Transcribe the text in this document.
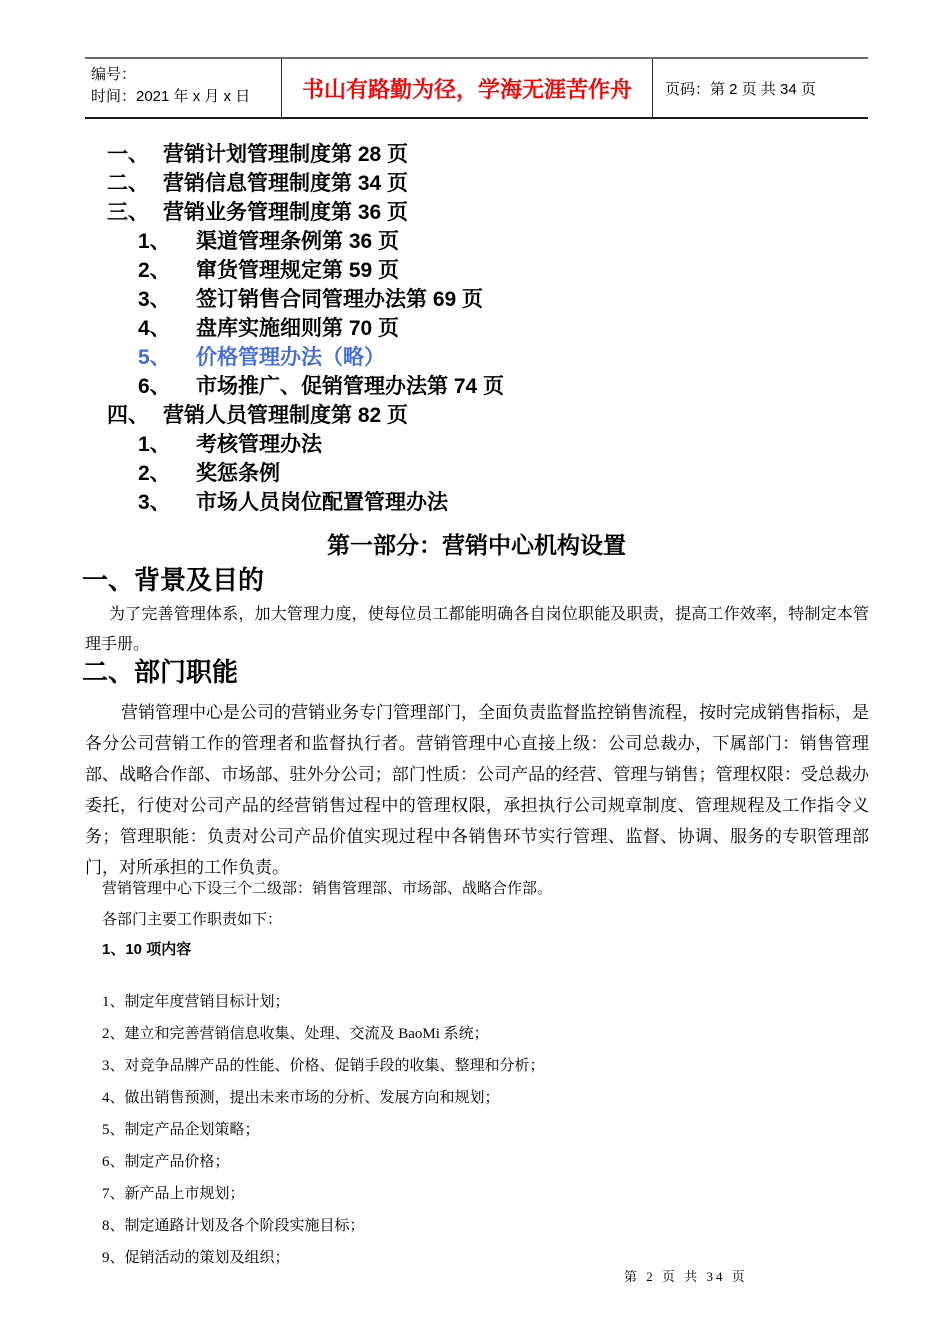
编号：
时间：2021 年 x 月 x 日	书山有路勤为径，学海无涯苦作舟 页码：第 2 页 共 34 页
一、 营销计划管理制度第 28 页
二、 营销信息管理制度第 34 页
三、 营销业务管理制度第 36 页
1、	渠道管理条例第 36 页
2、	窜货管理规定第 59 页
3、	签订销售合同管理办法第 69 页
4、	盘库实施细则第 70 页
5、	价格管理办法（略）
6、	市场推广、促销管理办法第 74 页
四、 营销人员管理制度第 82 页
1、	考核管理办法
2、	奖惩条例
3、	市场人员岗位配置管理办法
第一部分：营销中心机构设置
一、背景及目的
为了完善管理体系，加大管理力度，使每位员工都能明确各自岗位职能及职责，提高工作效率，特制定本管理手册。
二、部门职能
营销管理中心是公司的营销业务专门管理部门，全面负责监督监控销售流程，按时完成销售指标，是各分公司营销工作的管理者和监督执行者。营销管理中心直接上级：公司总裁办，下属部门：销售管理部、战略合作部、市场部、驻外分公司；部门性质：公司产品的经营、管理与销售；管理权限：受总裁办委托，行使对公司产品的经营销售过程中的管理权限，承担执行公司规章制度、管理规程及工作指令义务；管理职能：负责对公司产品价值实现过程中各销售环节实行管理、监督、协调、服务的专职管理部门，对所承担的工作负责。
营销管理中心下设三个二级部：销售管理部、市场部、战略合作部。
各部门主要工作职责如下：
1、10 项内容
1、制定年度营销目标计划；
2、建立和完善营销信息收集、处理、交流及 BaoMi 系统；
3、对竞争品牌产品的性能、价格、促销手段的收集、整理和分析；
4、做出销售预测，提出未来市场的分析、发展方向和规划；
5、制定产品企划策略；
6、制定产品价格；
7、新产品上市规划；
8、制定通路计划及各个阶段实施目标；
9、促销活动的策划及组织；
第 2 页 共 34 页
